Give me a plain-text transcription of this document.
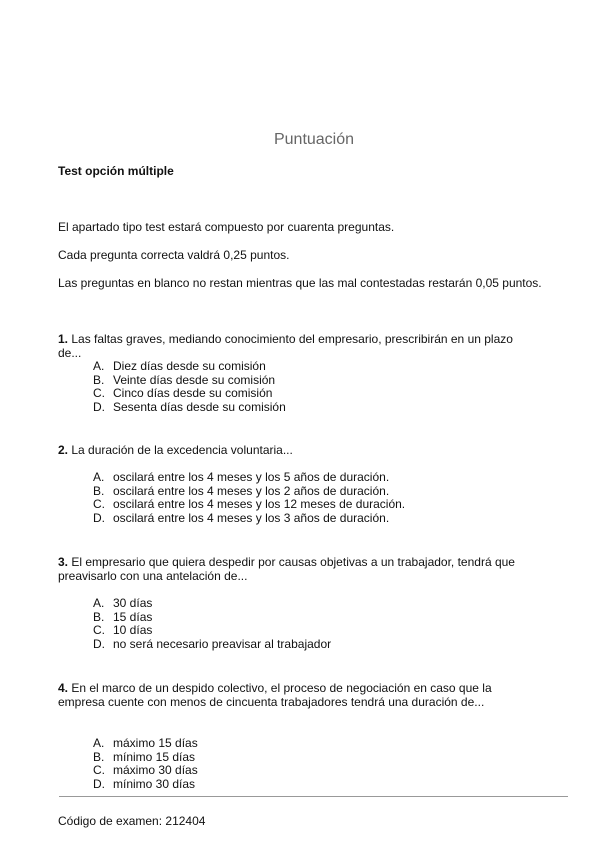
Puntuación
Test opción múltiple
El apartado tipo test estará compuesto por cuarenta preguntas.
Cada pregunta correcta valdrá 0,25 puntos.
Las preguntas en blanco no restan mientras que las mal contestadas restarán 0,05 puntos.
1. Las faltas graves, mediando conocimiento del empresario, prescribirán en un plazo de...
A. Diez días desde su comisión
B. Veinte días desde su comisión
C. Cinco días desde su comisión
D. Sesenta días desde su comisión
2. La duración de la excedencia voluntaria...
A. oscilará entre los 4 meses y los 5 años de duración.
B. oscilará entre los 4 meses y los 2 años de duración.
C. oscilará entre los 4 meses y los 12 meses de duración.
D. oscilará entre los 4 meses y los 3 años de duración.
3. El empresario que quiera despedir por causas objetivas a un trabajador, tendrá que preavisarlo con una antelación de...
A. 30 días
B. 15 días
C. 10 días
D. no será necesario preavisar al trabajador
4. En el marco de un despido colectivo, el proceso de negociación en caso que la empresa cuente con menos de cincuenta trabajadores tendrá una duración de...
A. máximo 15 días
B. mínimo 15 días
C. máximo 30 días
D. mínimo 30 días
Código de examen: 212404
